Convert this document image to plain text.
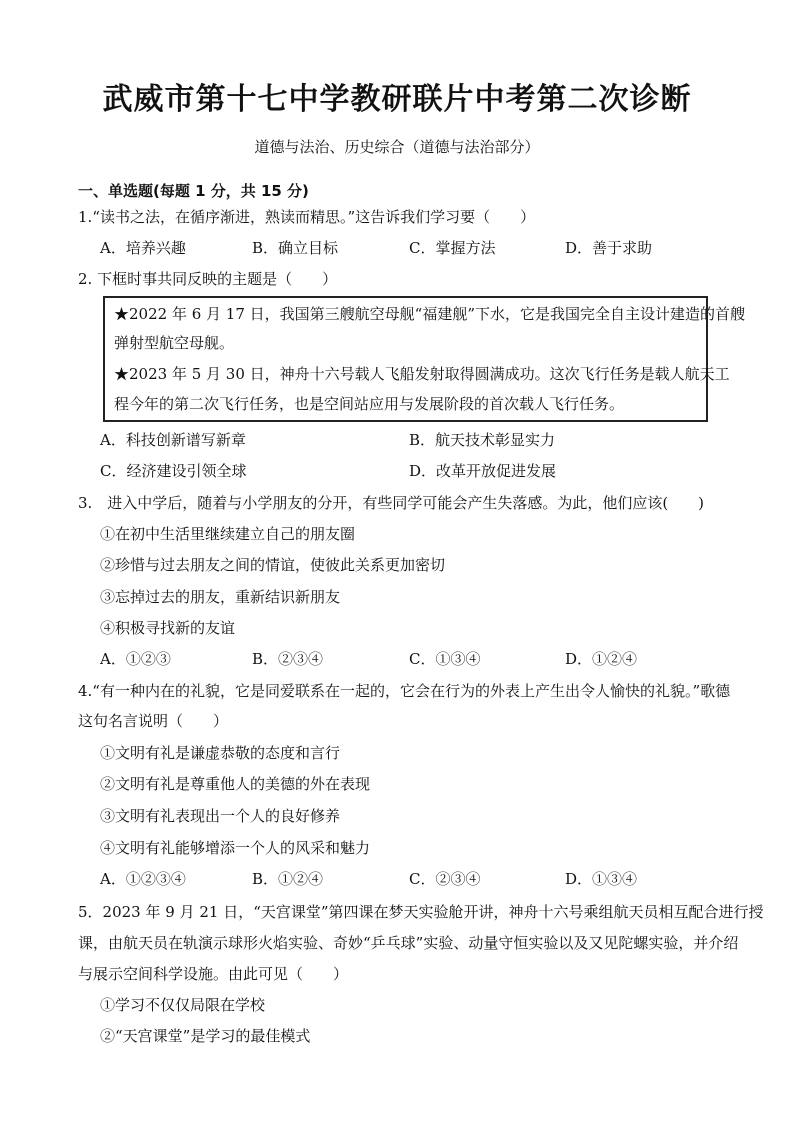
武威市第十七中学教研联片中考第二次诊断
道德与法治、历史综合（道德与法治部分）
一、单选题(每题 1 分，共 15 分)
1.“读书之法，在循序渐进，熟读而精思。”这告诉我们学习要（　　）
A．培养兴趣	B．确立目标	C．掌握方法	D．善于求助
2. 下框时事共同反映的主题是（　　）
★2022 年 6 月 17 日，我国第三艘航空母舰“福建舰”下水，它是我国完全自主设计建造的首艘
弹射型航空母舰。
★2023 年 5 月 30 日，神舟十六号载人飞船发射取得圆满成功。这次飞行任务是载人航天工
程今年的第二次飞行任务，也是空间站应用与发展阶段的首次载人飞行任务。
A．科技创新谱写新章	B．航天技术彰显实力
C．经济建设引领全球	D．改革开放促进发展
3.　进入中学后，随着与小学朋友的分开，有些同学可能会产生失落感。为此，他们应该(　　)
①在初中生活里继续建立自己的朋友圈
②珍惜与过去朋友之间的情谊，使彼此关系更加密切
③忘掉过去的朋友，重新结识新朋友
④积极寻找新的友谊
A．①②③	B．②③④	C．①③④	D．①②④
4.“有一种内在的礼貌，它是同爱联系在一起的，它会在行为的外表上产生出令人愉快的礼貌。”歌德
这句名言说明（　　）
①文明有礼是谦虚恭敬的态度和言行
②文明有礼是尊重他人的美德的外在表现
③文明有礼表现出一个人的良好修养
④文明有礼能够增添一个人的风采和魅力
A．①②③④	B．①②④	C．②③④	D．①③④
5．2023 年 9 月 21 日，“天宫课堂”第四课在梦天实验舱开讲，神舟十六号乘组航天员相互配合进行授
课，由航天员在轨演示球形火焰实验、奇妙“乒乓球”实验、动量守恒实验以及又见陀螺实验，并介绍
与展示空间科学设施。由此可见（　　）
①学习不仅仅局限在学校
②“天宫课堂”是学习的最佳模式
